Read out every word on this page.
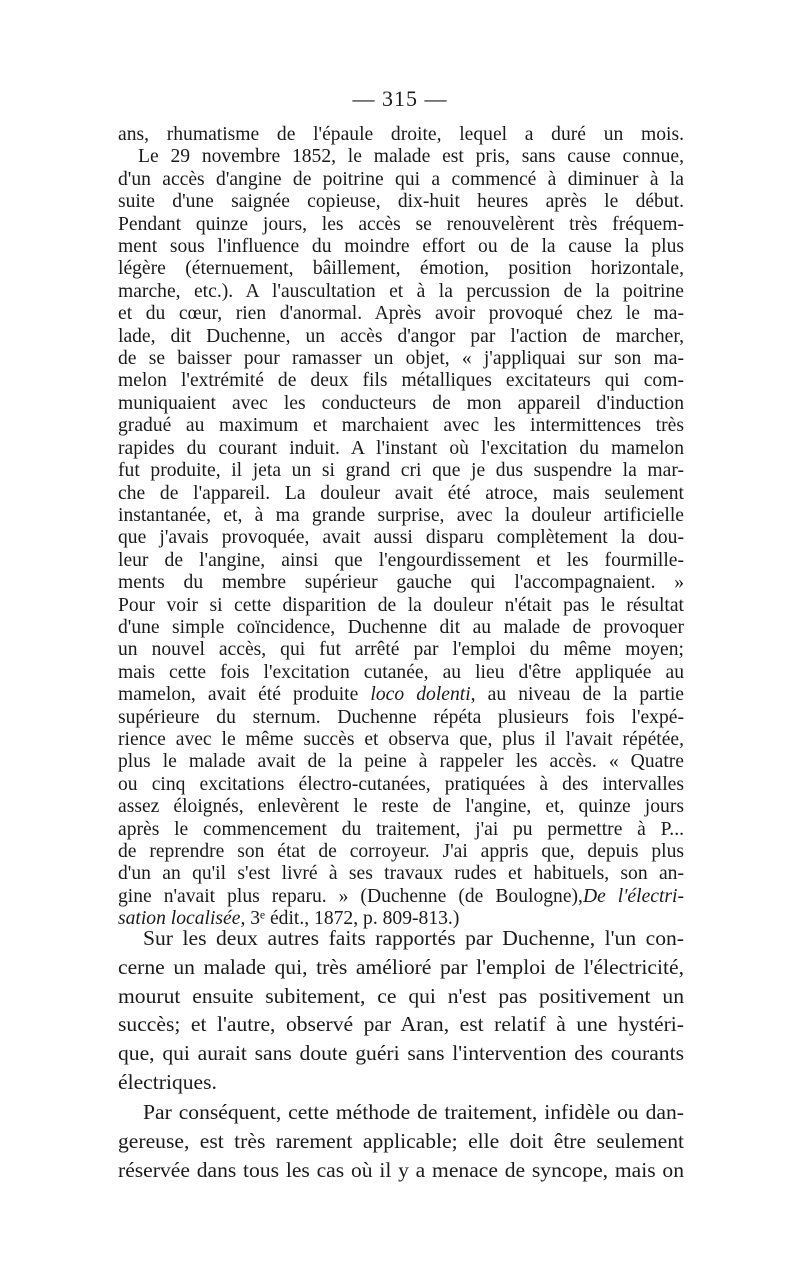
— 315 —
ans, rhumatisme de l'épaule droite, lequel a duré un mois.
Le 29 novembre 1852, le malade est pris, sans cause connue,
d'un accès d'angine de poitrine qui a commencé à diminuer à la
suite d'une saignée copieuse, dix-huit heures après le début.
Pendant quinze jours, les accès se renouvelèrent très fréquem-
ment sous l'influence du moindre effort ou de la cause la plus
légère (éternuement, bâillement, émotion, position horizontale,
marche, etc.). A l'auscultation et à la percussion de la poitrine
et du cœur, rien d'anormal. Après avoir provoqué chez le ma-
lade, dit Duchenne, un accès d'angor par l'action de marcher,
de se baisser pour ramasser un objet, « j'appliquai sur son ma-
melon l'extrémité de deux fils métalliques excitateurs qui com-
muniquaient avec les conducteurs de mon appareil d'induction
gradué au maximum et marchaient avec les intermittences très
rapides du courant induit. A l'instant où l'excitation du mamelon
fut produite, il jeta un si grand cri que je dus suspendre la mar-
che de l'appareil. La douleur avait été atroce, mais seulement
instantanée, et, à ma grande surprise, avec la douleur artificielle
que j'avais provoquée, avait aussi disparu complètement la dou-
leur de l'angine, ainsi que l'engourdissement et les fourmille-
ments du membre supérieur gauche qui l'accompagnaient. »
Pour voir si cette disparition de la douleur n'était pas le résultat
d'une simple coïncidence, Duchenne dit au malade de provoquer
un nouvel accès, qui fut arrêté par l'emploi du même moyen;
mais cette fois l'excitation cutanée, au lieu d'être appliquée au
mamelon, avait été produite loco dolenti, au niveau de la partie
supérieure du sternum. Duchenne répéta plusieurs fois l'expé-
rience avec le même succès et observa que, plus il l'avait répétée,
plus le malade avait de la peine à rappeler les accès. « Quatre
ou cinq excitations électro-cutanées, pratiquées à des intervalles
assez éloignés, enlevèrent le reste de l'angine, et, quinze jours
après le commencement du traitement, j'ai pu permettre à P...
de reprendre son état de corroyeur. J'ai appris que, depuis plus
d'un an qu'il s'est livré à ses travaux rudes et habituels, son an-
gine n'avait plus reparu. » (Duchenne (de Boulogne),De l'électri-
sation localisée, 3ᵉ édit., 1872, p. 809-813.)
Sur les deux autres faits rapportés par Duchenne, l'un con-
cerne un malade qui, très amélioré par l'emploi de l'électricité,
mourut ensuite subitement, ce qui n'est pas positivement un
succès; et l'autre, observé par Aran, est relatif à une hystéri-
que, qui aurait sans doute guéri sans l'intervention des courants
électriques.
Par conséquent, cette méthode de traitement, infidèle ou dan-
gereuse, est très rarement applicable; elle doit être seulement
réservée dans tous les cas où il y a menace de syncope, mais on
